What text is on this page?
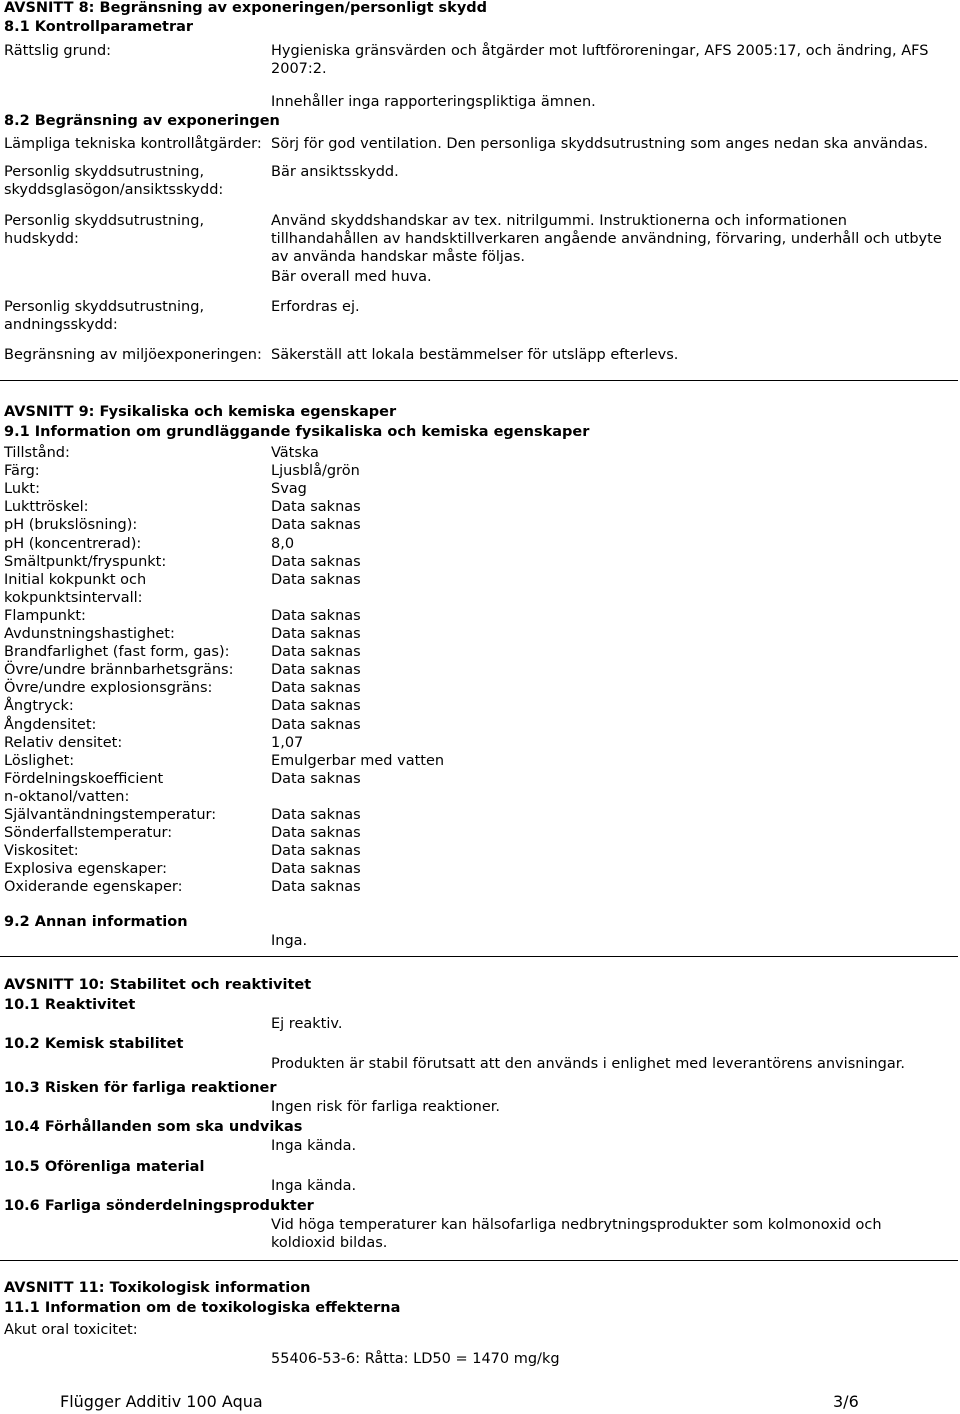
AVSNITT 8: Begränsning av exponeringen/personligt skydd
8.1 Kontrollparametrar
Rättslig grund:	Hygieniska gränsvärden och åtgärder mot luftföroreningar, AFS 2005:17, och ändring, AFS 2007:2.
Innehåller inga rapporteringspliktiga ämnen.
8.2 Begränsning av exponeringen
Lämpliga tekniska kontrollåtgärder: Sörj för god ventilation. Den personliga skyddsutrustning som anges nedan ska användas.
Personlig skyddsutrustning, skyddsglasögon/ansiktsskydd:
Bär ansiktsskydd.
Personlig skyddsutrustning, hudskydd:
Använd skyddshandskar av tex. nitrilgummi. Instruktionerna och informationen tillhandahållen av handsktillverkaren angående användning, förvaring, underhåll och utbyte av använda handskar måste följas.
Bär overall med huva.
Personlig skyddsutrustning, andningsskydd:
Erfordras ej.
Begränsning av miljöexponeringen: Säkerställ att lokala bestämmelser för utsläpp efterlevs.
AVSNITT 9: Fysikaliska och kemiska egenskaper
9.1 Information om grundläggande fysikaliska och kemiska egenskaper
Tillstånd:	Vätska
Färg:	Ljusblå/grön
Lukt:	Svag
Lukttröskel:	Data saknas
pH (brukslösning):	Data saknas
pH (koncentrerad):	8,0
Smältpunkt/fryspunkt:	Data saknas
Initial kokpunkt och kokpunktsintervall:
Data saknas
Flampunkt:	Data saknas
Avdunstningshastighet:	Data saknas
Brandfarlighet (fast form, gas):	Data saknas
Övre/undre brännbarhetsgräns:	Data saknas
Övre/undre explosionsgräns:	Data saknas
Ångtryck:	Data saknas
Ångdensitet:	Data saknas
Relativ densitet:	1,07
Löslighet:	Emulgerbar med vatten
Fördelningskoefficient n-oktanol/vatten:
Data saknas
Självantändningstemperatur:	Data saknas
Sönderfallstemperatur:	Data saknas
Viskositet:	Data saknas
Explosiva egenskaper:	Data saknas
Oxiderande egenskaper:	Data saknas
9.2 Annan information
Inga.
AVSNITT 10: Stabilitet och reaktivitet
10.1 Reaktivitet
Ej reaktiv.
10.2 Kemisk stabilitet
Produkten är stabil förutsatt att den används i enlighet med leverantörens anvisningar.
10.3 Risken för farliga reaktioner
Ingen risk för farliga reaktioner.
10.4 Förhållanden som ska undvikas
Inga kända.
10.5 Oförenliga material
Inga kända.
10.6 Farliga sönderdelningsprodukter
Vid höga temperaturer kan hälsofarliga nedbrytningsprodukter som kolmonoxid och koldioxid bildas.
AVSNITT 11: Toxikologisk information
11.1 Information om de toxikologiska effekterna
Akut oral toxicitet:
55406-53-6: Råtta: LD50 = 1470 mg/kg
Flügger Additiv 100 Aqua	3/6
